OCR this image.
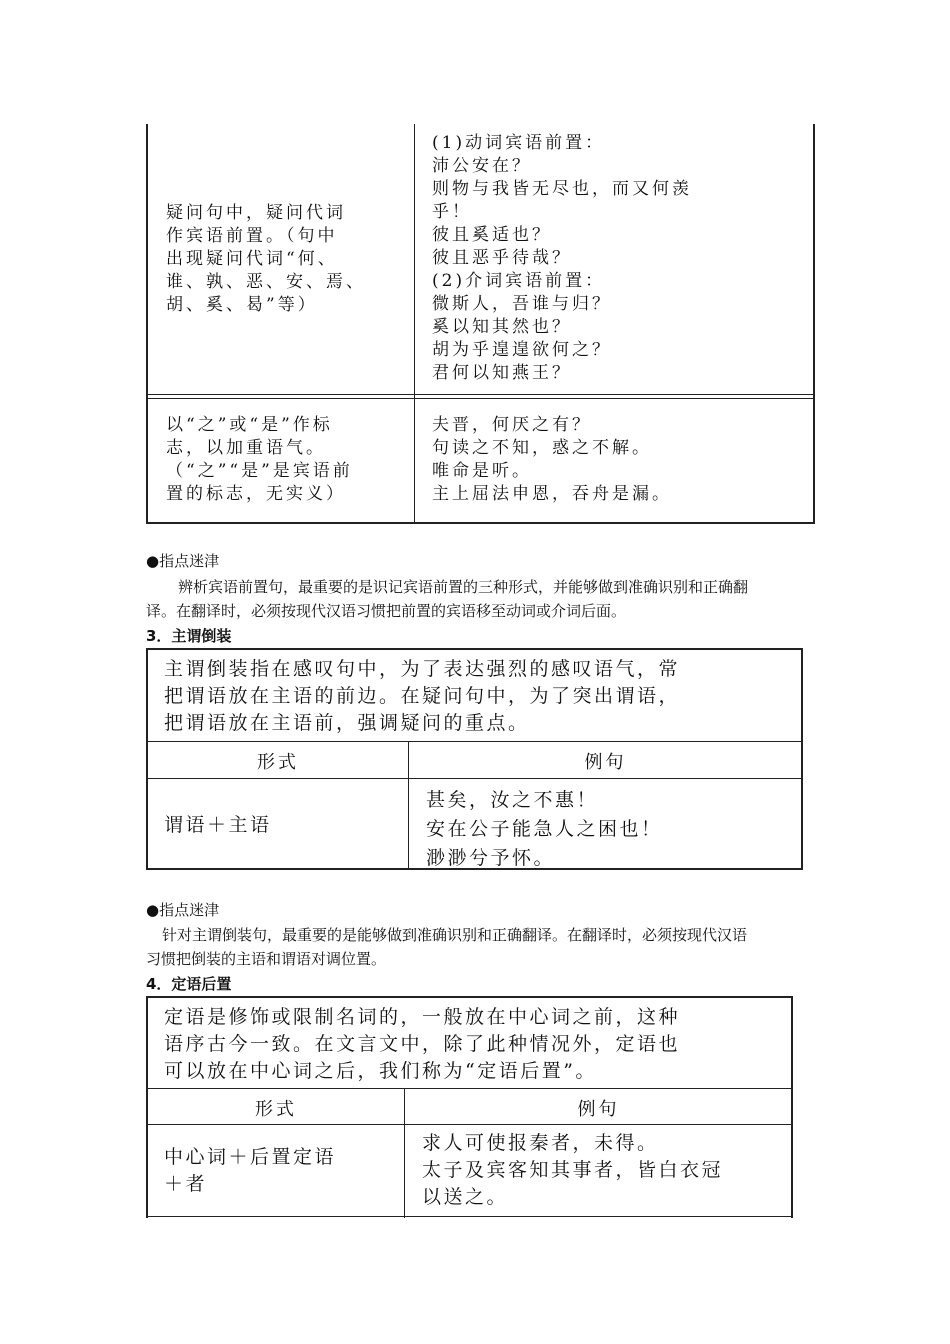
疑问句中，疑问代词
作宾语前置。（句中
出现疑问代词“何、
谁、孰、恶、安、焉、
胡、奚、曷”等）
(1)动词宾语前置：
沛公安在？
则物与我皆无尽也，而又何羡
乎！
彼且奚适也？
彼且恶乎待哉？
(2)介词宾语前置：
微斯人，吾谁与归？
奚以知其然也？
胡为乎遑遑欲何之？
君何以知燕王？
以“之”或“是”作标
志，以加重语气。
（“之”“是”是宾语前
置的标志，无实义）
夫晋，何厌之有？
句读之不知，惑之不解。
唯命是听。
主上屈法申恩，吞舟是漏。
●指点迷津
辨析宾语前置句，最重要的是识记宾语前置的三种形式，并能够做到准确识别和正确翻
译。在翻译时，必须按现代汉语习惯把前置的宾语移至动词或介词后面。
3．主谓倒装
主谓倒装指在感叹句中，为了表达强烈的感叹语气，常
把谓语放在主语的前边。在疑问句中，为了突出谓语，
把谓语放在主语前，强调疑问的重点。
形式	例句
谓语＋主语
甚矣，汝之不惠！
安在公子能急人之困也！
渺渺兮予怀。
●指点迷津
针对主谓倒装句，最重要的是能够做到准确识别和正确翻译。在翻译时，必须按现代汉语
习惯把倒装的主语和谓语对调位置。
4．定语后置
定语是修饰或限制名词的，一般放在中心词之前，这种
语序古今一致。在文言文中，除了此种情况外，定语也
可以放在中心词之后，我们称为“定语后置”。
形式	例句
中心词＋后置定语
＋者
求人可使报秦者，未得。
太子及宾客知其事者，皆白衣冠
以送之。
